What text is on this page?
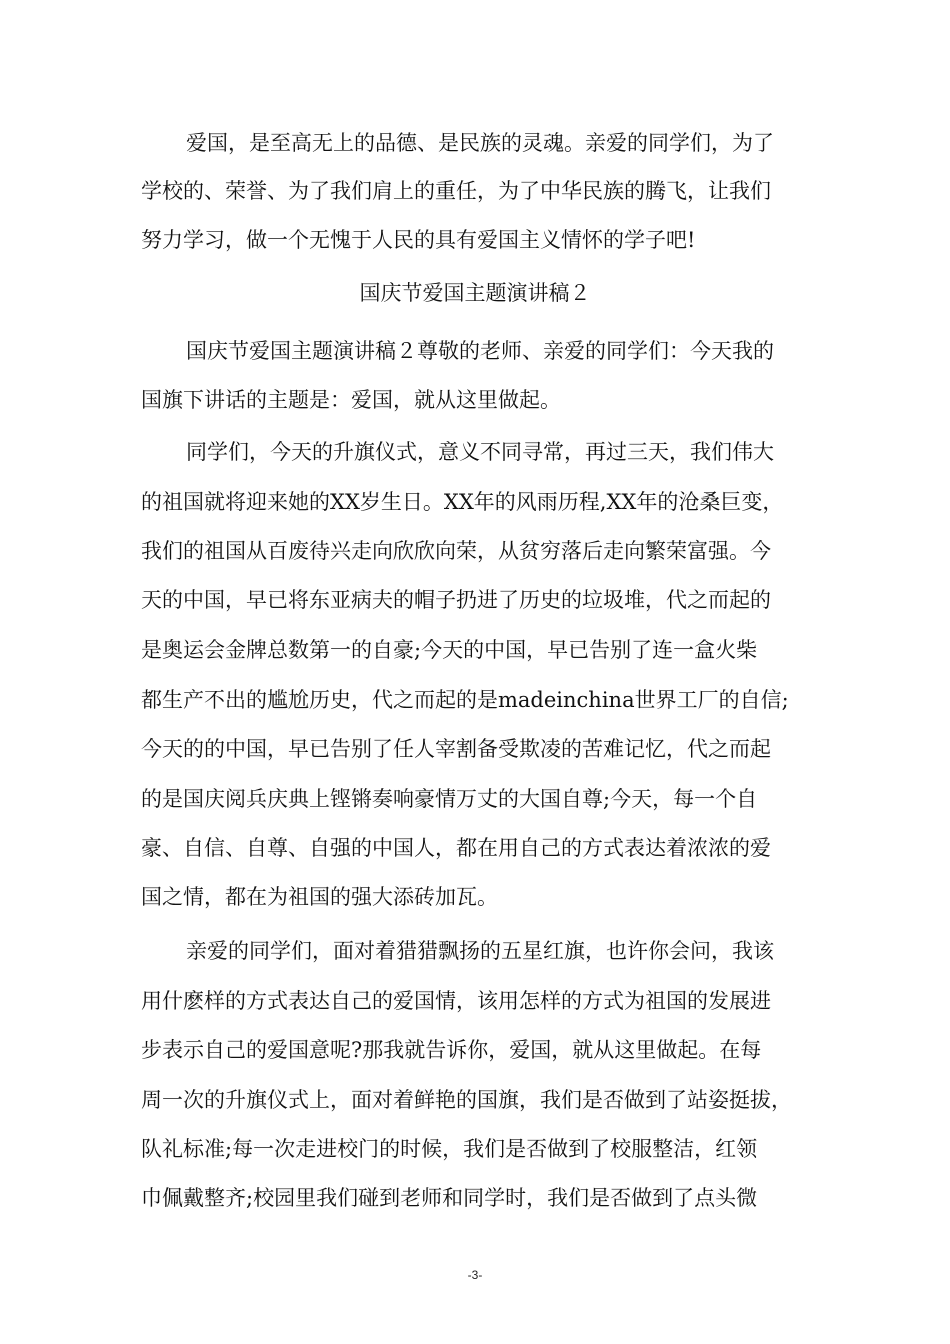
爱国，是至高无上的品德、是民族的灵魂。亲爱的同学们，为了
学校的、荣誉、为了我们肩上的重任，为了中华民族的腾飞，让我们
努力学习，做一个无愧于人民的具有爱国主义情怀的学子吧!
国庆节爱国主题演讲稿２
国庆节爱国主题演讲稿２尊敬的老师、亲爱的同学们：今天我的
国旗下讲话的主题是：爱国，就从这里做起。
同学们，今天的升旗仪式，意义不同寻常，再过三天，我们伟大
的祖国就将迎来她的XX岁生日。XX年的风雨历程,XX年的沧桑巨变，
我们的祖国从百废待兴走向欣欣向荣，从贫穷落后走向繁荣富强。今
天的中国，早已将东亚病夫的帽子扔进了历史的垃圾堆，代之而起的
是奥运会金牌总数第一的自豪;今天的中国，早已告别了连一盒火柴
都生产不出的尴尬历史，代之而起的是madeinchina世界工厂的自信;
今天的的中国，早已告别了任人宰割备受欺凌的苦难记忆，代之而起
的是国庆阅兵庆典上铿锵奏响豪情万丈的大国自尊;今天，每一个自
豪、自信、自尊、自强的中国人，都在用自己的方式表达着浓浓的爱
国之情，都在为祖国的强大添砖加瓦。
亲爱的同学们，面对着猎猎飘扬的五星红旗，也许你会问，我该
用什麽样的方式表达自己的爱国情，该用怎样的方式为祖国的发展进
步表示自己的爱国意呢?那我就告诉你，爱国，就从这里做起。在每
周一次的升旗仪式上，面对着鲜艳的国旗，我们是否做到了站姿挺拔，
队礼标准;每一次走进校门的时候，我们是否做到了校服整洁，红领
巾佩戴整齐;校园里我们碰到老师和同学时，我们是否做到了点头微
-3-
